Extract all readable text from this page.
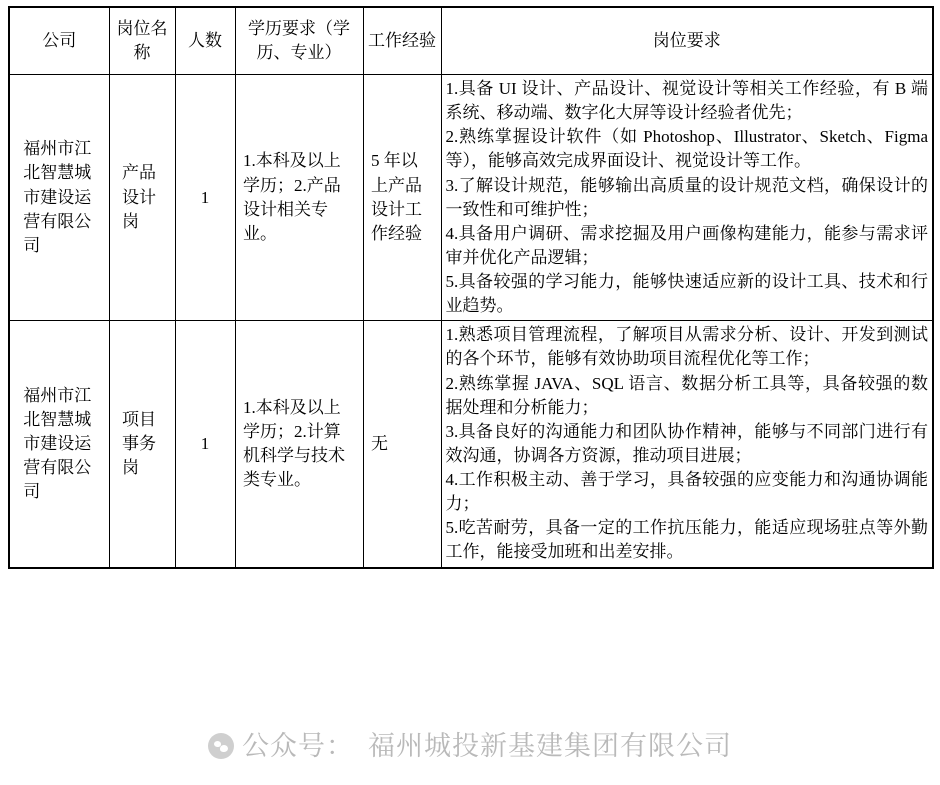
公司	岗位名称	人数	学历要求（学历、专业）	工作经验	岗位要求
福州市江北智慧城市建设运营有限公司	产品设计岗	1	1.本科及以上学历；2.产品设计相关专业。	5 年以上产品设计工作经验	1.具备 UI 设计、产品设计、视觉设计等相关工作经验，有 B 端系统、移动端、数字化大屏等设计经验者优先；
2.熟练掌握设计软件（如 Photoshop、Illustrator、Sketch、Figma 等），能够高效完成界面设计、视觉设计等工作。
3.了解设计规范，能够输出高质量的设计规范文档，确保设计的一致性和可维护性；
4.具备用户调研、需求挖掘及用户画像构建能力，能参与需求评审并优化产品逻辑；
5.具备较强的学习能力，能够快速适应新的设计工具、技术和行业趋势。

福州市江北智慧城市建设运营有限公司	项目事务岗	1	1.本科及以上学历；2.计算机科学与技术类专业。	无	1.熟悉项目管理流程，了解项目从需求分析、设计、开发到测试的各个环节，能够有效协助项目流程优化等工作；
2.熟练掌握 JAVA、SQL 语言、数据分析工具等，具备较强的数据处理和分析能力；
3.具备良好的沟通能力和团队协作精神，能够与不同部门进行有效沟通，协调各方资源，推动项目进展；
4.工作积极主动、善于学习，具备较强的应变能力和沟通协调能力；
5.吃苦耐劳，具备一定的工作抗压能力，能适应现场驻点等外勤工作，能接受加班和出差安排。
公众号： 福州城投新基建集团有限公司
